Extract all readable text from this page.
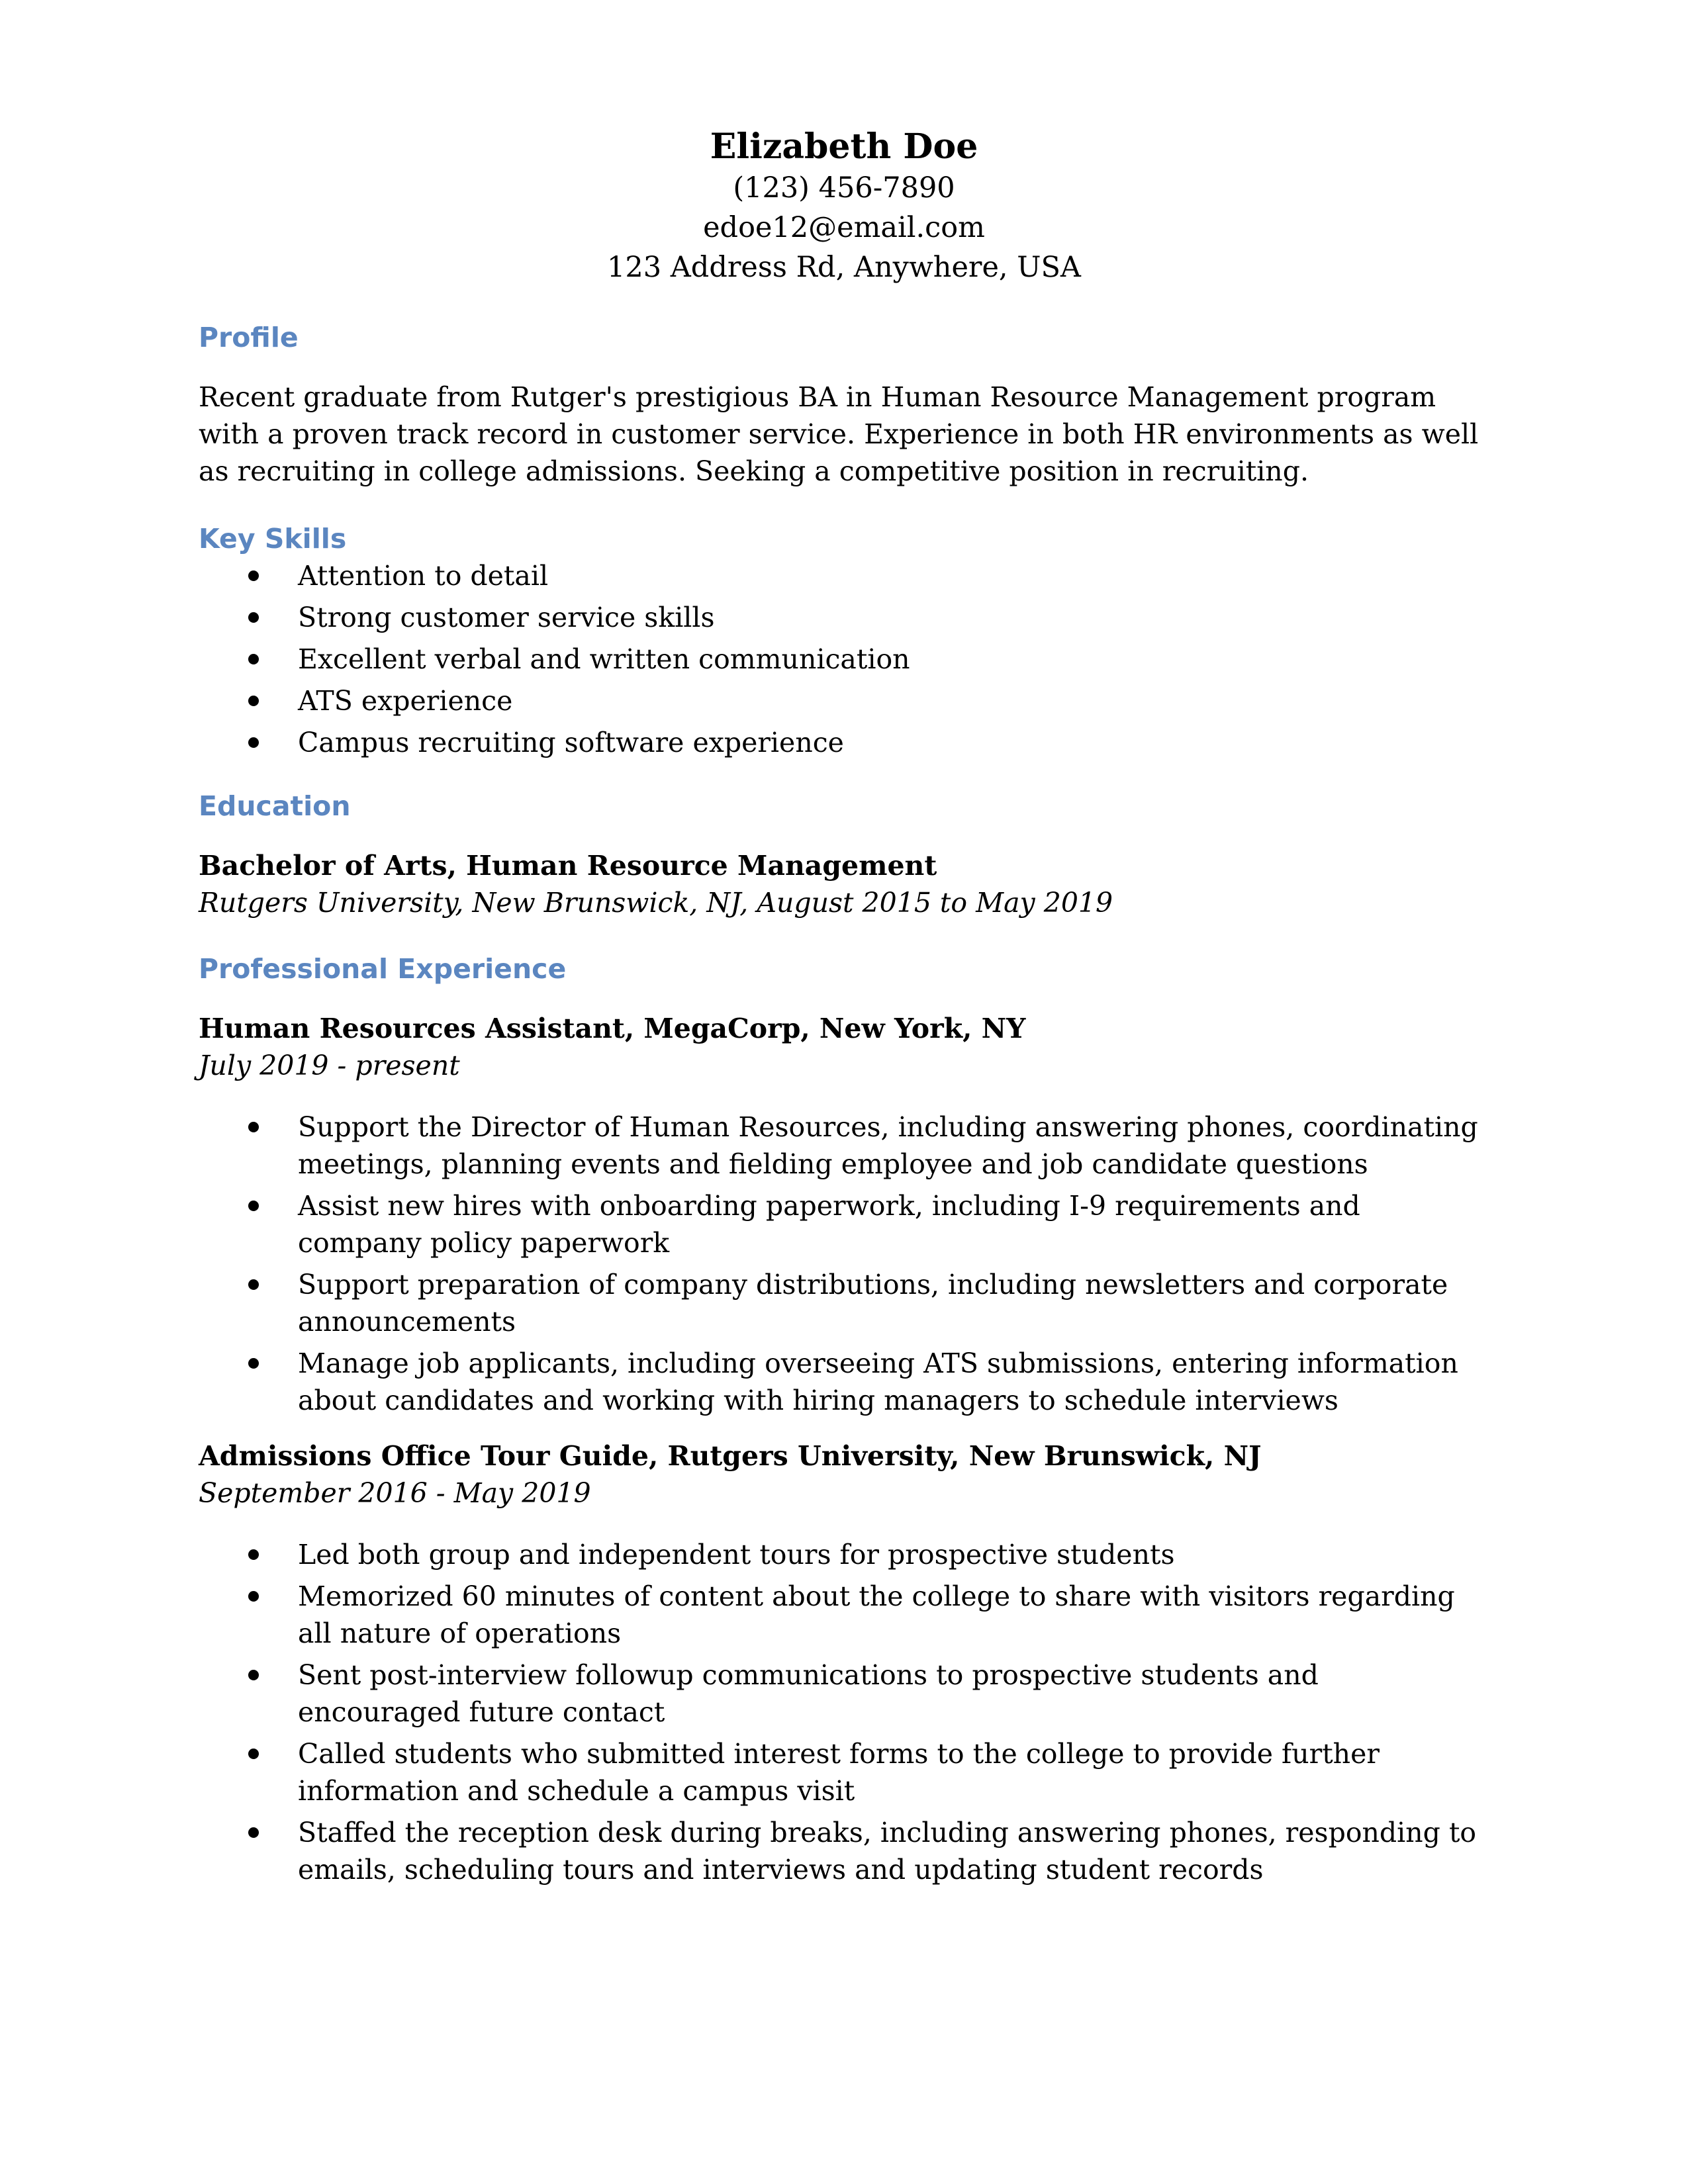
Elizabeth Doe

(123) 456-7890

edoe12@email.com

123 Address Rd, Anywhere, USA

Profile

Recent graduate from Rutger's prestigious BA in Human Resource Management program with a proven track record in customer service. Experience in both HR environments as well as recruiting in college admissions. Seeking a competitive position in recruiting.

Key Skills
Attention to detail
Strong customer service skills
Excellent verbal and written communication
ATS experience
Campus recruiting software experience
Education

Bachelor of Arts, Human Resource Management

Rutgers University, New Brunswick, NJ, August 2015 to May 2019

Professional Experience

Human Resources Assistant, MegaCorp, New York, NY

July 2019 - present

Support the Director of Human Resources, including answering phones, coordinating meetings, planning events and fielding employee and job candidate questions
Assist new hires with onboarding paperwork, including I-9 requirements and company policy paperwork
Support preparation of company distributions, including newsletters and corporate announcements
Manage job applicants, including overseeing ATS submissions, entering information about candidates and working with hiring managers to schedule interviews

Admissions Office Tour Guide, Rutgers University, New Brunswick, NJ

September 2016 - May 2019

Led both group and independent tours for prospective students
Memorized 60 minutes of content about the college to share with visitors regarding all nature of operations
Sent post-interview followup communications to prospective students and encouraged future contact
Called students who submitted interest forms to the college to provide further information and schedule a campus visit
Staffed the reception desk during breaks, including answering phones, responding to emails, scheduling tours and interviews and updating student records
